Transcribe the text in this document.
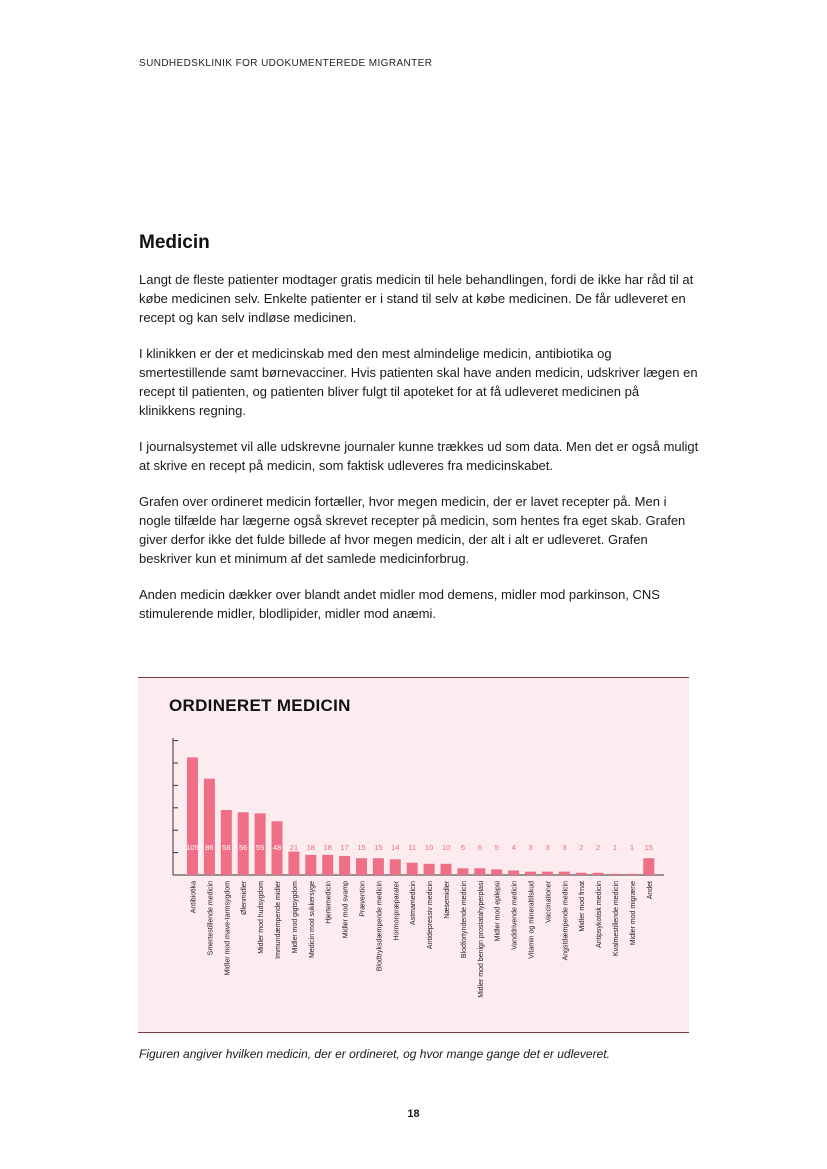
SUNDHEDSKLINIK FOR UDOKUMENTEREDE MIGRANTER
Medicin

Langt de fleste patienter modtager gratis medicin til hele behandlingen, fordi de ikke har råd til at købe medicinen selv. Enkelte patienter er i stand til selv at købe medicinen. De får udleveret en recept og kan selv indløse medicinen.

I klinikken er der et medicinskab med den mest almindelige medicin, antibiotika og smertestillende samt børnevacciner. Hvis patienten skal have anden medicin, udskriver lægen en recept til patienten, og patienten bliver fulgt til apoteket for at få udleveret medicinen på klinikkens regning.

I journalsystemet vil alle udskrevne journaler kunne trækkes ud som data. Men det er også muligt at skrive en recept på medicin, som faktisk udleveres fra medicinskabet.

Grafen over ordineret medicin fortæller, hvor megen medicin, der er lavet recepter på. Men i nogle tilfælde har lægerne også skrevet recepter på medicin, som hentes fra eget skab. Grafen giver derfor ikke det fulde billede af hvor megen medicin, der alt i alt er udleveret. Grafen beskriver kun et minimum af det samlede medicinforbrug.

Anden medicin dækker over blandt andet midler mod demens, midler mod parkinson, CNS stimulerende midler, blodlipider, midler mod anæmi.

ORDINERET MEDICIN
105
Antibiotika
86
Smertestillende medicin
58
Midler mod mave-tarmsygdom
56
Ølenmidler
55
Midler mod hudsygdom
48
Immundæmpende midler
21
Midler mod gigtsygdom
18
Medicin mod sukkersyge
18
Hjertemedicin
17
Midler mod svamp
15
Prævention
15
Blodtryksdæmpende medicin
14
Hormonpræparater
11
Astmamedicin
10
Antidepressiv medicin
10
Næsemidler
6
Blodfortyndende medicin
6
Midler mod benign prostatahyperplasi
5
Midler mod epilepsi
4
Vanddrivende medicin
3
Vitamin og mineraltilskud
3
Vaccinationer
3
Angstdæmpende medicin
2
Midler mod frnat
2
Antipsykotisk medicin
1
Kvalmestillende medicin
1
Midler mod migræne
15
Andet
Figuren angiver hvilken medicin, der er ordineret, og hvor mange gange det er udleveret.
18
